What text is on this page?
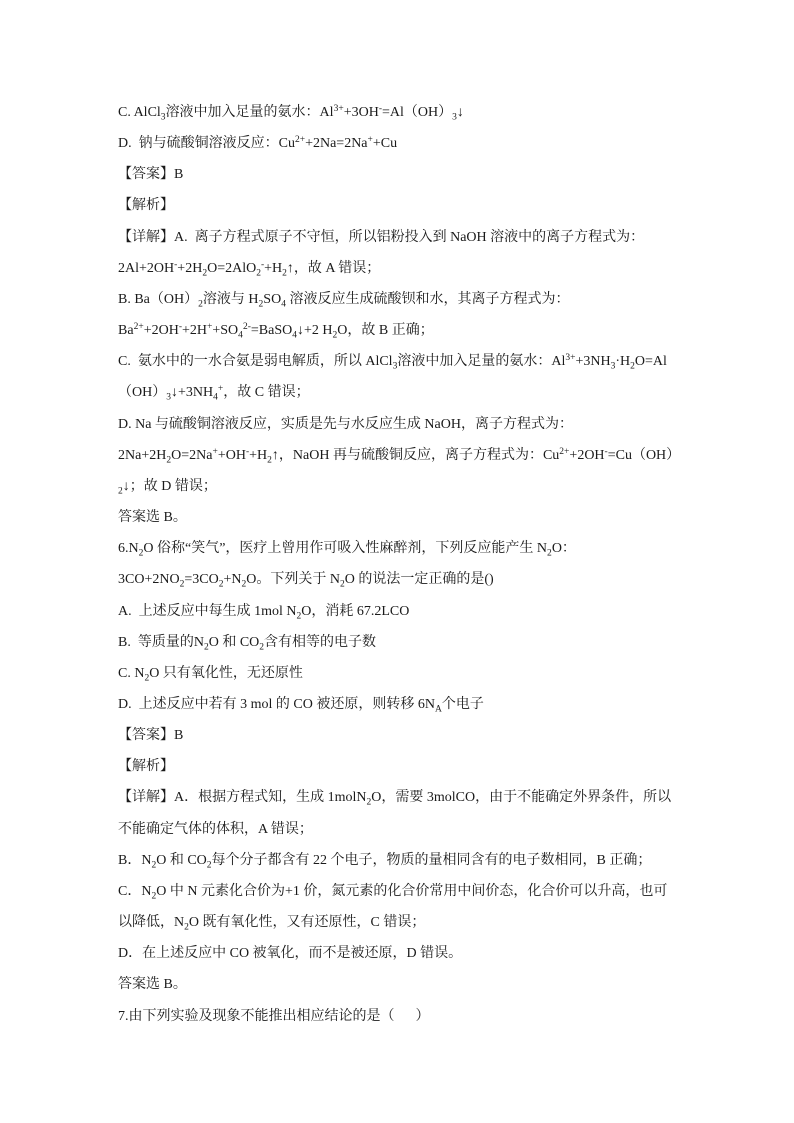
C. AlCl$_3$溶液中加入足量的氨水：$Al^{3+}+3OH^-=Al(OH)_3↓$
D.  钠与硫酸铜溶液反应：$Cu^{2+}+2Na=2Na^++Cu$
【答案】B
【解析】
【详解】A.  离子方程式原子不守恒，所以铝粉投入到 NaOH 溶液中的离子方程式为：
$2Al+2OH^-+2H_2O=2AlO_2^-+H_2↑$，故 A 错误；
B. $Ba(OH)_2$溶液与 $H_2SO_4$ 溶液反应生成硫酸钡和水，其离子方程式为：
$Ba^{2+}+2OH^-+2H^++SO_4^{2-}=BaSO_4↓+2$ $H_2O$，故 B 正确；
C.  氨水中的一水合氨是弱电解质，所以 AlCl$_3$溶液中加入足量的氨水：$Al^{3+}+3NH_3\cdot H_2O=Al$
$(OH)_3↓+3NH_4^+$，故 C 错误；
D. Na 与硫酸铜溶液反应，实质是先与水反应生成 NaOH，离子方程式为：
$2Na+2H_2O=2Na^++OH^-+H_2↑$，NaOH 再与硫酸铜反应，离子方程式为：$Cu^{2+}+2OH^-=Cu(OH)$
$_2$↓；故 D 错误；
答案选 B。
$6.N_2O$ 俗称“笑气”，医疗上曾用作可吸入性麻醉剂，下列反应能产生 $N_2O$：
$3CO+2NO_2=3CO_2+N_2O$。下列关于 $N_2O$ 的说法一定正确的是()
A.  上述反应中每生成 1mol $N_2O$，消耗 67.2LCO
B.  等质量的$N_2O$ 和 $CO_2$含有相等的电子数
C. $N_2O$ 只有氧化性，无还原性
D.  上述反应中若有 3 mol 的 CO 被还原，则转移 $6N_A$个电子
【答案】B
【解析】
【详解】A．根据方程式知，生成 1molN$_2$O，需要 3molCO，由于不能确定外界条件，所以
不能确定气体的体积，A 错误；
B．$N_2O$ 和 $CO_2$每个分子都含有 22 个电子，物质的量相同含有的电子数相同，B 正确；
C．$N_2O$ 中 N 元素化合价为+1 价，氮元素的化合价常用中间价态，化合价可以升高，也可
以降低，$N_2O$ 既有氧化性，又有还原性，C 错误；
D．在上述反应中 CO 被氧化，而不是被还原，D 错误。
答案选 B。
7.由下列实验及现象不能推出相应结论的是（      ）
